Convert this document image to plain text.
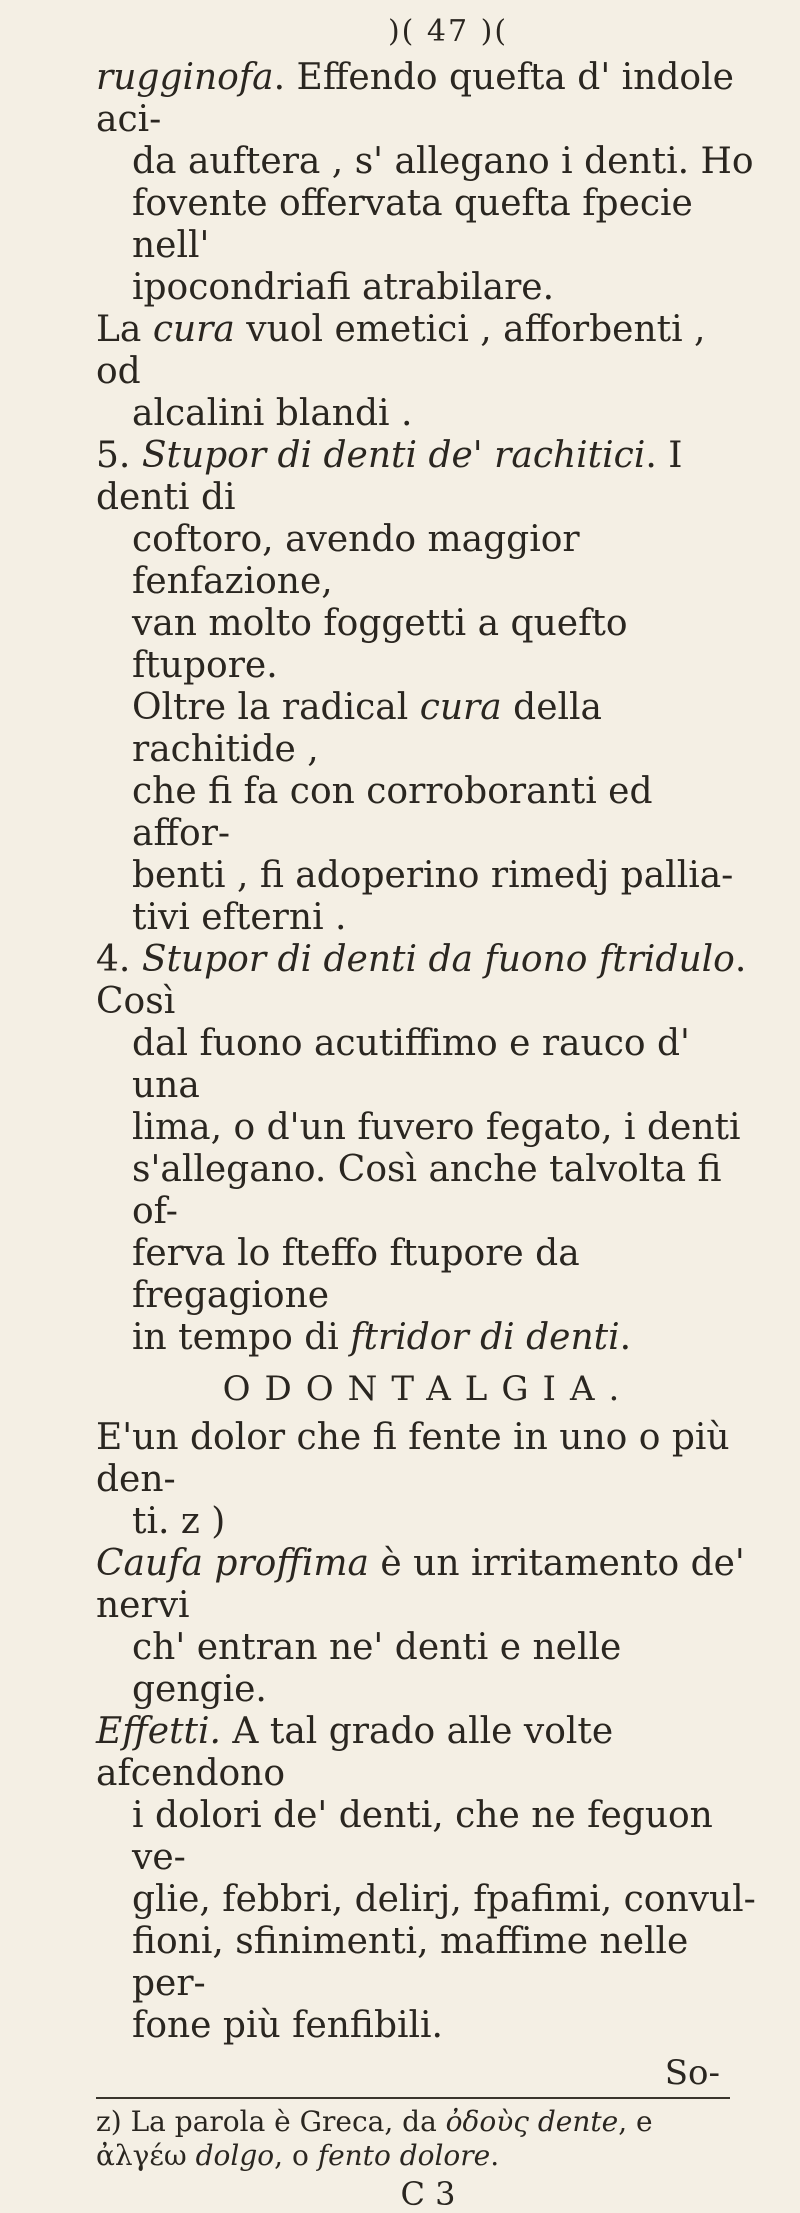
)( 47 )(

rugginofa. Effendo quefta d' indole aci-

da auftera , s' allegano i denti. Ho

fovente offervata quefta fpecie nell'

ipocondriafi atrabilare.

La cura vuol emetici , afforbenti , od

alcalini blandi .

5. Stupor di denti de' rachitici. I denti di

coftoro, avendo maggior fenfazione,

van molto foggetti a quefto ftupore.

Oltre la radical cura della rachitide ,

che fi fa con corroboranti ed affor-

benti , fi adoperino rimedj pallia-

tivi efterni .

4. Stupor di denti da fuono ftridulo. Così

dal fuono acutiffimo e rauco d' una

lima, o d'un fuvero fegato, i denti

s'allegano. Così anche talvolta fi of-

ferva lo fteffo ftupore da fregagione

in tempo di ftridor di denti.

ODONTALGIA.

E'un dolor che fi fente in uno o più den-

ti. z )

Caufa proffima è un irritamento de' nervi

ch' entran ne' denti e nelle gengie.

Effetti. A tal grado alle volte afcendono

i dolori de' denti, che ne feguon ve-

glie, febbri, delirj, fpafimi, convul-

fioni, sfinimenti, maffime nelle per-

fone più fenfibili.

So-

z) La parola è Greca, da ὀδοὺς dente, e

ἀλγέω dolgo, o fento dolore.

C 3
